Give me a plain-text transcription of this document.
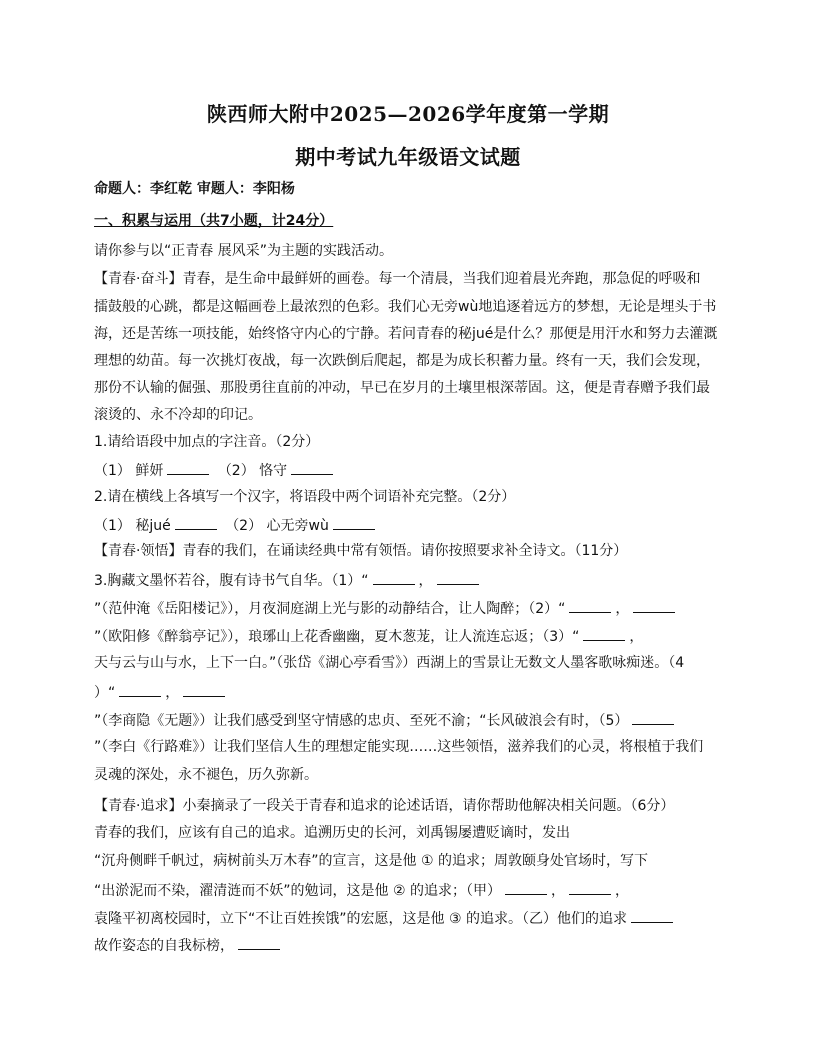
陕西师大附中2025—2026学年度第一学期
期中考试九年级语文试题
命题人：李红乾 审题人：李阳杨
一、积累与运用（共7小题，计24分）
请你参与以“正青春 展风采”为主题的实践活动。
【青春·奋斗】青春，是生命中最鲜妍的画卷。每一个清晨，当我们迎着晨光奔跑，那急促的呼吸和
擂鼓般的心跳，都是这幅画卷上最浓烈的色彩。我们心无旁wù地追逐着远方的梦想，无论是埋头于书
海，还是苦练一项技能，始终恪守内心的宁静。若问青春的秘jué是什么？那便是用汗水和努力去灌溉
理想的幼苗。每一次挑灯夜战，每一次跌倒后爬起，都是为成长积蓄力量。终有一天，我们会发现，
那份不认输的倔强、那股勇往直前的冲动，早已在岁月的土壤里根深蒂固。这，便是青春赠予我们最
滚烫的、永不冷却的印记。
1.请给语段中加点的字注音。（2分）
（1） 鲜妍	（2） 恪守
2.请在横线上各填写一个汉字，将语段中两个词语补充完整。（2分）
（1） 秘jué	（2） 心无旁wù
【青春·领悟】青春的我们，在诵读经典中常有领悟。请你按照要求补全诗文。（11分）
3.胸藏文墨怀若谷，腹有诗书气自华。（1）“	，
”（范仲淹《岳阳楼记》），月夜洞庭湖上光与影的动静结合，让人陶醉；（2）“	，
”（欧阳修《醉翁亭记》），琅琊山上花香幽幽，夏木葱茏，让人流连忘返；（3）“	，
天与云与山与水，上下一白。”（张岱《湖心亭看雪》）西湖上的雪景让无数文人墨客歌咏痴迷。（4
）“	，
”（李商隐《无题》）让我们感受到坚守情感的忠贞、至死不渝；“长风破浪会有时，（5）
”（李白《行路难》）让我们坚信人生的理想定能实现……这些领悟，滋养我们的心灵，将根植于我们
灵魂的深处，永不褪色，历久弥新。
【青春·追求】小秦摘录了一段关于青春和追求的论述话语，请你帮助他解决相关问题。（6分）
青春的我们，应该有自己的追求。追溯历史的长河，刘禹锡屡遭贬谪时，发出
“沉舟侧畔千帆过，病树前头万木春”的宣言，这是他 ① 的追求；周敦颐身处官场时，写下
“出淤泥而不染，濯清涟而不妖”的勉词，这是他 ② 的追求；（甲）	，	，
袁隆平初离校园时，立下“不让百姓挨饿”的宏愿，这是他 ③ 的追求。（乙）他们的追求
故作姿态的自我标榜，
